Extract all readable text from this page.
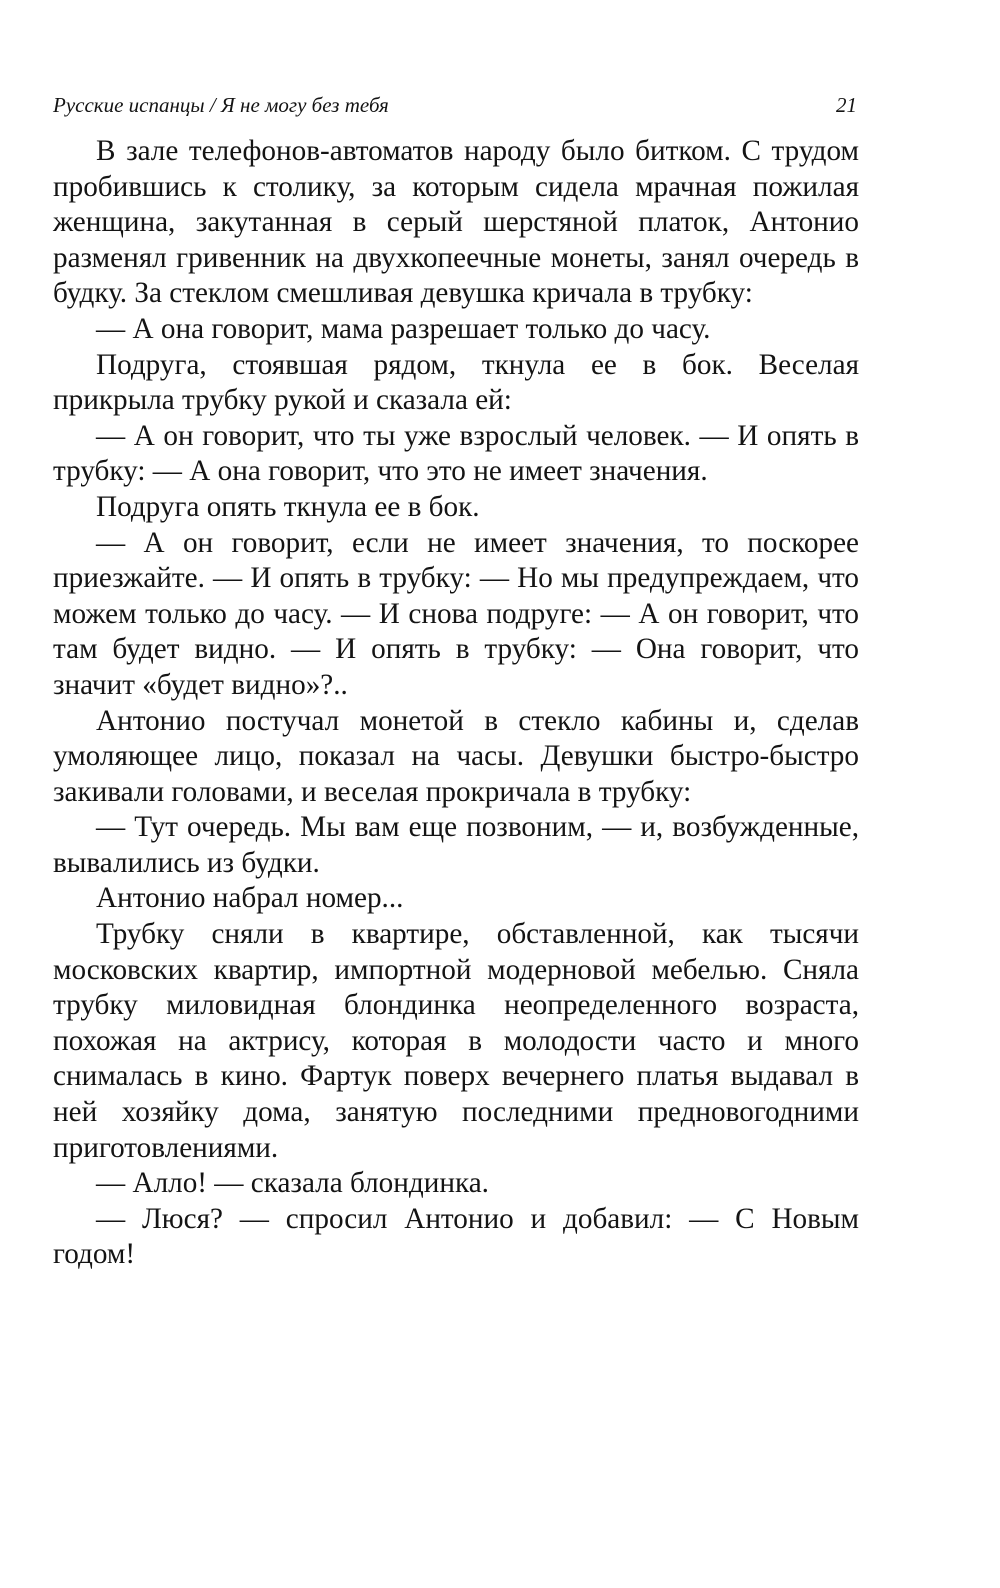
Русские испанцы / Я не могу без тебя	21

В зале телефонов-автоматов народу было битком. С трудом пробившись к столику, за которым сидела мрачная пожилая женщина, закутанная в серый шерстяной платок, Антонио разменял гривенник на двухкопеечные монеты, занял очередь в будку. За стеклом смешливая девушка кричала в трубку:

— А она говорит, мама разрешает только до часу.

Подруга, стоявшая рядом, ткнула ее в бок. Веселая прикрыла трубку рукой и сказала ей:

— А он говорит, что ты уже взрослый человек. — И опять в трубку: — А она говорит, что это не имеет значения.

Подруга опять ткнула ее в бок.

— А он говорит, если не имеет значения, то поскорее приезжайте. — И опять в трубку: — Но мы предупреждаем, что можем только до часу. — И снова подруге: — А он говорит, что там будет видно. — И опять в трубку: — Она говорит, что значит «будет видно»?..

Антонио постучал монетой в стекло кабины и, сделав умоляющее лицо, показал на часы. Девушки быстро-быстро закивали головами, и веселая прокричала в трубку:

— Тут очередь. Мы вам еще позвоним, — и, возбужденные, вывалились из будки.

Антонио набрал номер...

Трубку сняли в квартире, обставленной, как тысячи московских квартир, импортной модерновой мебелью. Сняла трубку миловидная блондинка неопределенного возраста, похожая на актрису, которая в молодости часто и много снималась в кино. Фартук поверх вечернего платья выдавал в ней хозяйку дома, занятую последними предновогодними приготовлениями.

— Алло! — сказала блондинка.

— Люся? — спросил Антонио и добавил: — С Новым годом!
